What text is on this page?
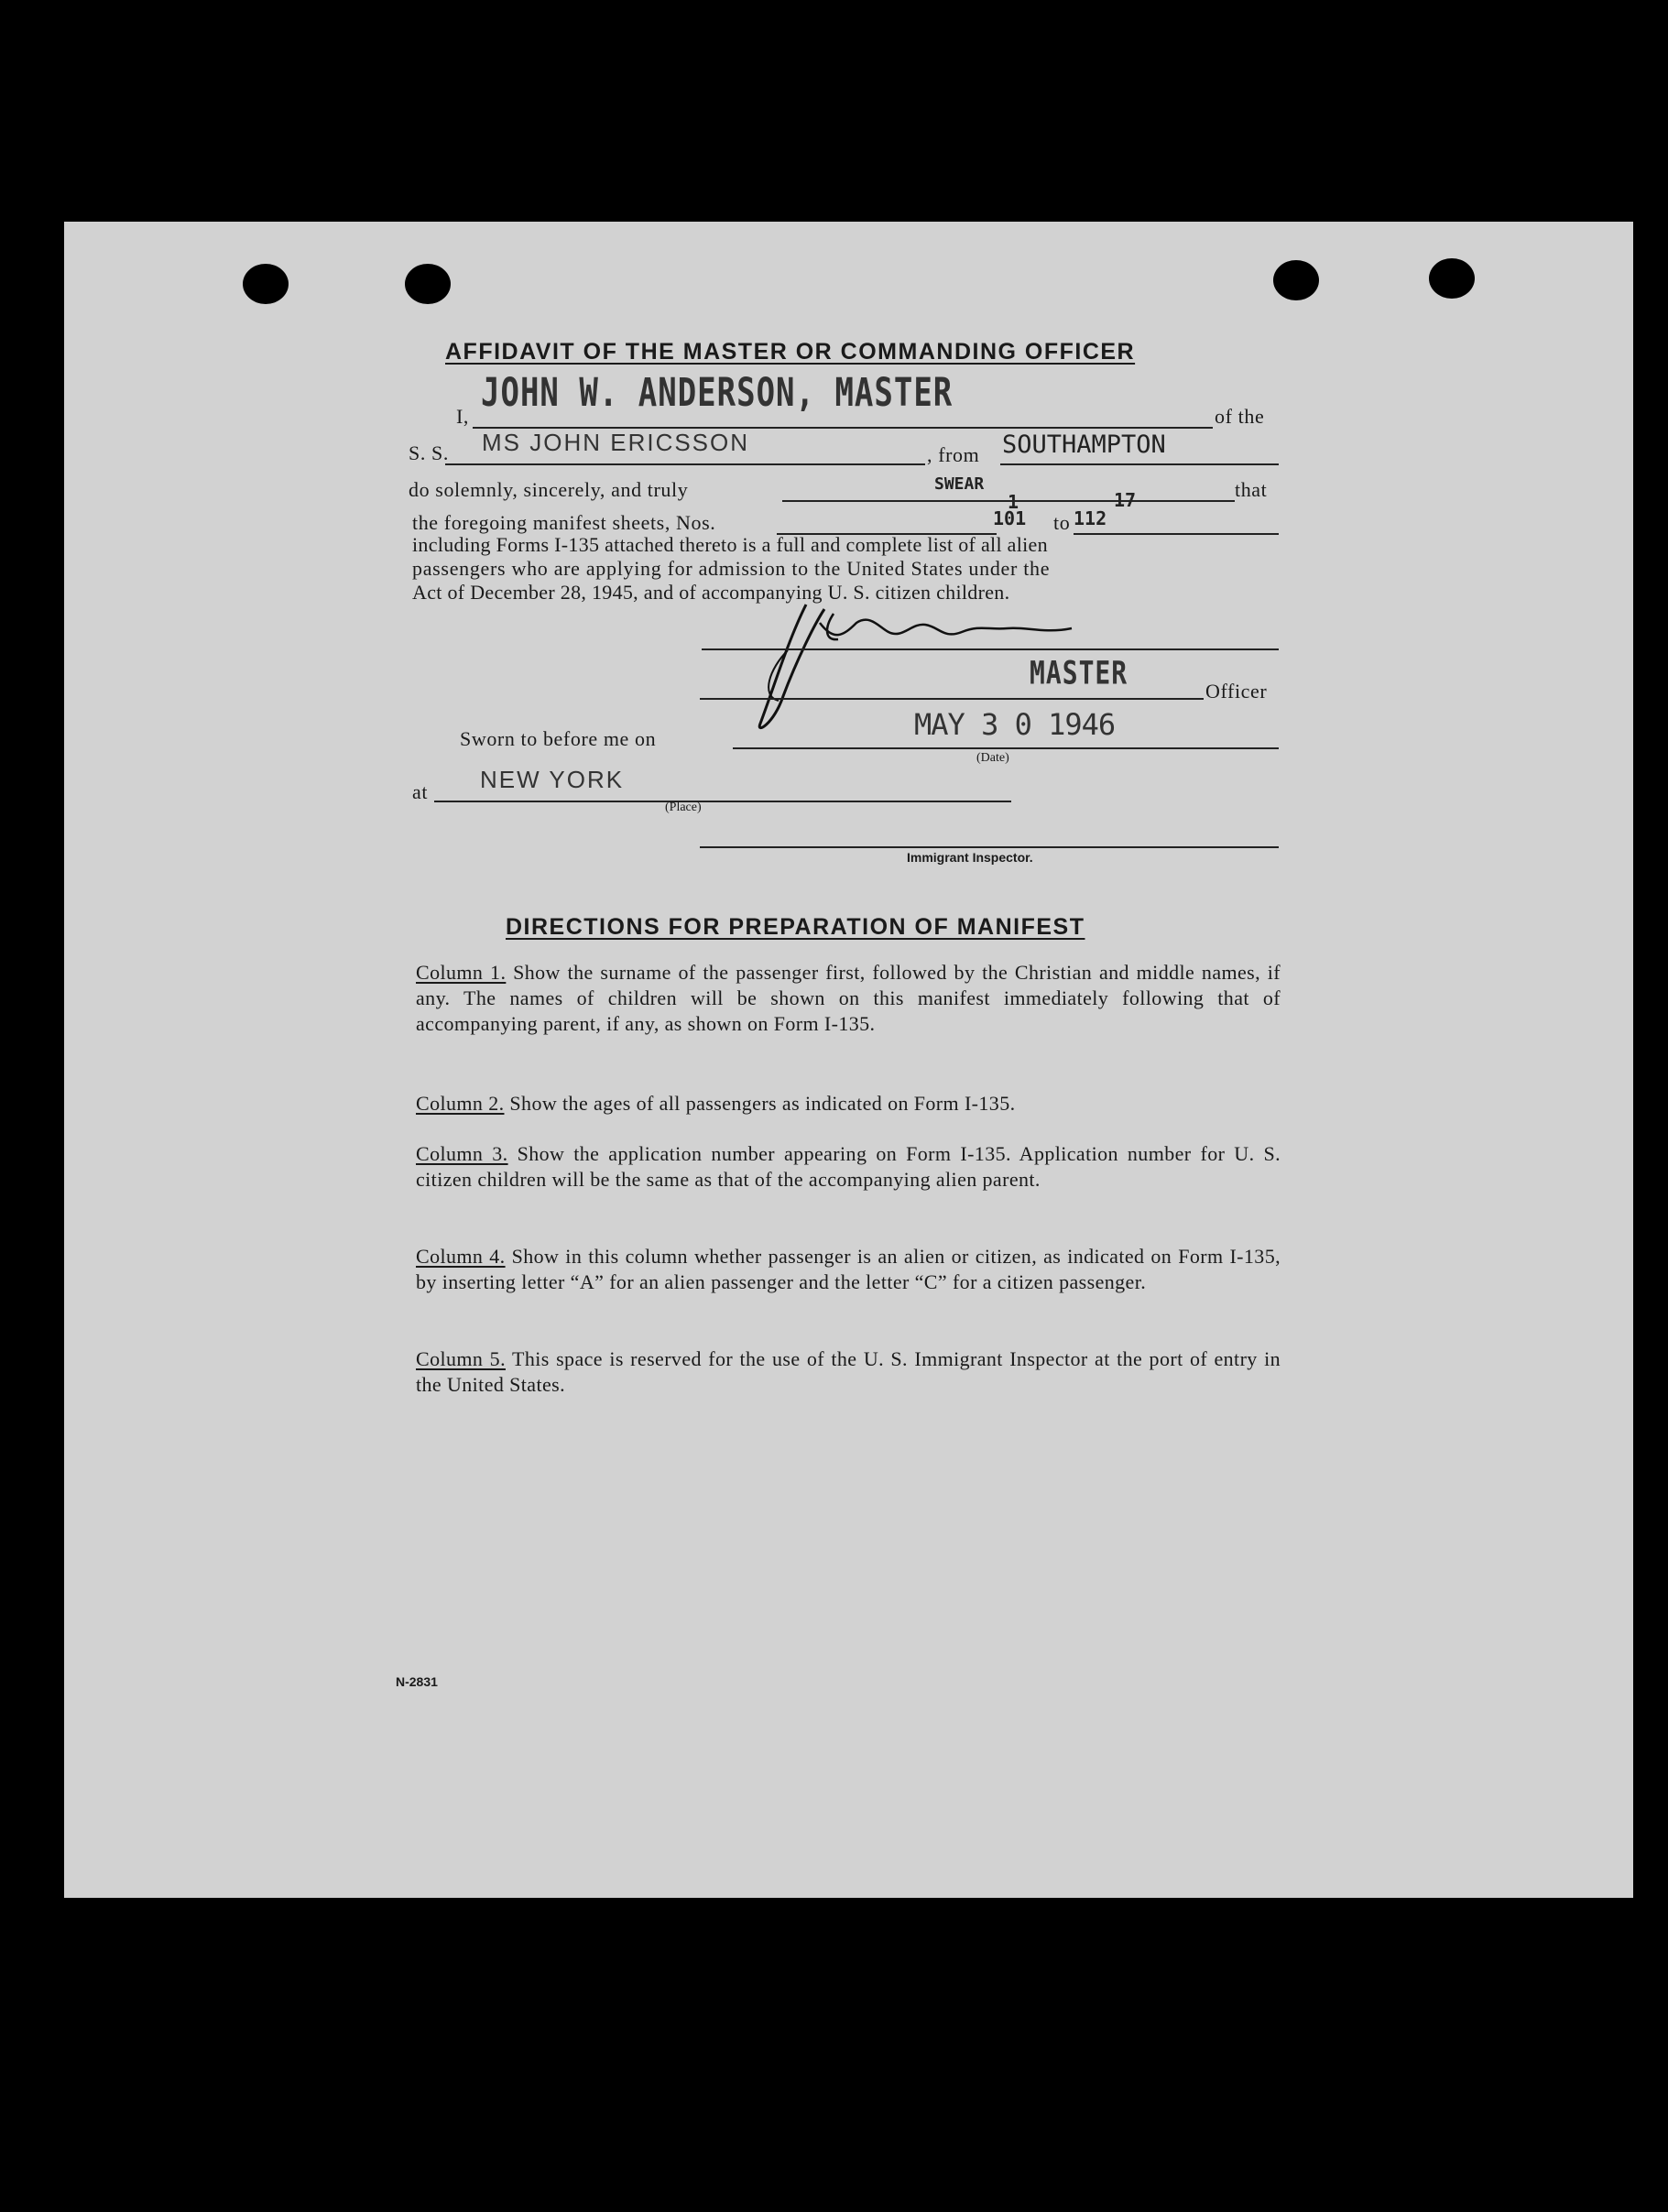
AFFIDAVIT OF THE MASTER OR COMMANDING OFFICER
I,
JOHN W. ANDERSON, MASTER
of the
S. S. MS JOHN ERICSSON	, from SOUTHAMPTON
do solemnly, sincerely, and truly	SWEAR	that
1	17
the foregoing manifest sheets, Nos.	101 to 112
including Forms I-135 attached thereto is a full and complete list of all alien
passengers who are applying for admission to the United States under the
Act of December 28, 1945, and of accompanying U. S. citizen children.
MASTER	Officer
Sworn to before me on	MAY 3 0 1946
(Date)
at NEW YORK
(Place)
Immigrant Inspector.
DIRECTIONS FOR PREPARATION OF MANIFEST
Column 1. Show the surname of the passenger first, followed by the Christian and middle names, if any. The names of children will be shown on this manifest immediately following that of accompanying parent, if any, as shown on Form I-135.
Column 2. Show the ages of all passengers as indicated on Form I-135.
Column 3. Show the application number appearing on Form I-135. Application number for U. S. citizen children will be the same as that of the accompanying alien parent.
Column 4. Show in this column whether passenger is an alien or citizen, as indicated on Form I-135, by inserting letter “A” for an alien passenger and the letter “C” for a citizen passenger.
Column 5. This space is reserved for the use of the U. S. Immigrant Inspector at the port of entry in the United States.
N-2831
